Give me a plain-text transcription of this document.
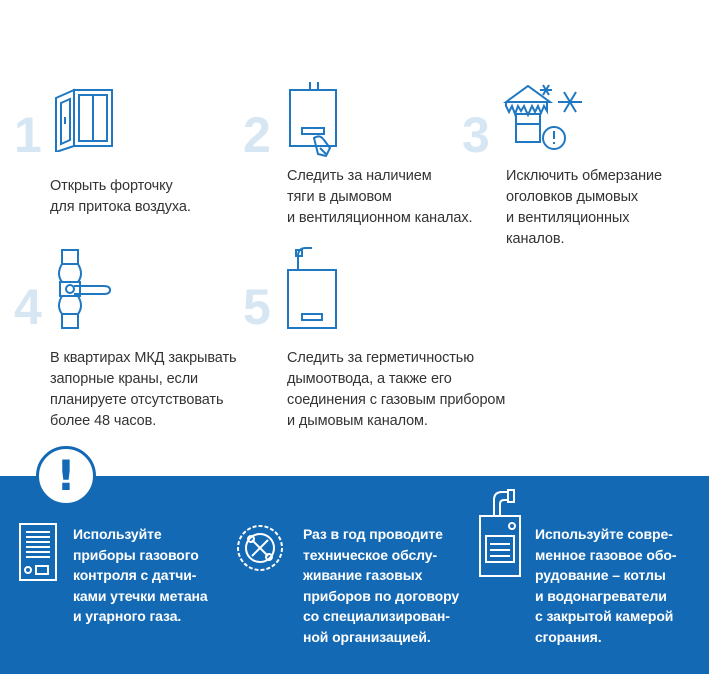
1
Открыть форточку
для притока воздуха.
2
Следить за наличием
тяги в дымовом
и вентиляционном каналах.
3
Исключить обмерзание
оголовков дымовых
и вентиляционных
каналов.
4
В квартирах МКД закрывать
запорные краны, если
планируете отсутствовать
более 48 часов.
5
Следить за герметичностью
дымоотвода, а также его
соединения с газовым прибором
и дымовым каналом.
!
Используйте
приборы газового
контроля с датчи-
ками утечки метана
и угарного газа.
Раз в год проводите
техническое обслу-
живание газовых
приборов по договору
со специализирован-
ной организацией.
Используйте совре-
менное газовое обо-
рудование – котлы
и водонагреватели
с закрытой камерой
сгорания.
